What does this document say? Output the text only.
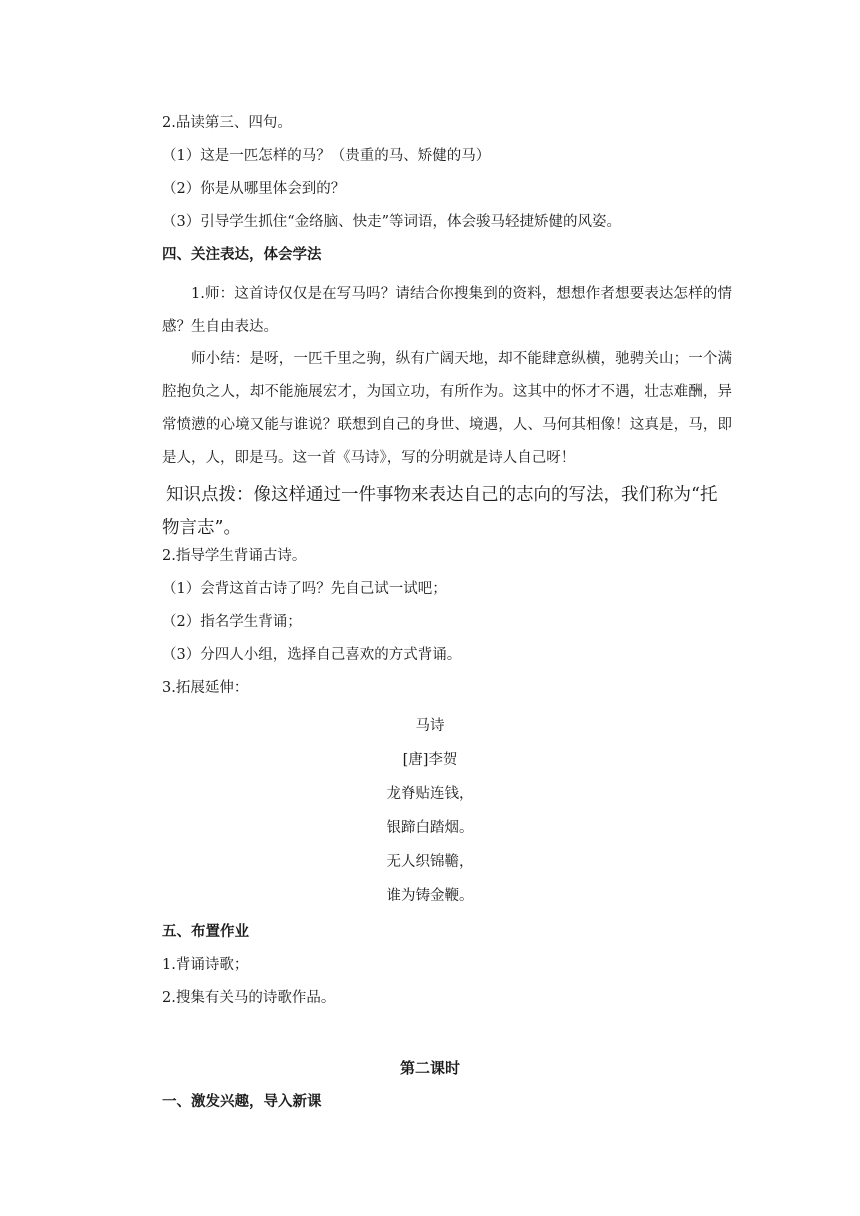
2.品读第三、四句。
（1）这是一匹怎样的马？（贵重的马、矫健的马）
（2）你是从哪里体会到的？
（3）引导学生抓住“金络脑、快走”等词语，体会骏马轻捷矫健的风姿。
四、关注表达，体会学法
1.师：这首诗仅仅是在写马吗？请结合你搜集到的资料，想想作者想要表达怎样的情感？生自由表达。
师小结：是呀，一匹千里之驹，纵有广阔天地，却不能肆意纵横，驰骋关山；一个满腔抱负之人，却不能施展宏才，为国立功，有所作为。这其中的怀才不遇，壮志难酬，异常愤懑的心境又能与谁说？联想到自己的身世、境遇，人、马何其相像！这真是，马，即是人，人，即是马。这一首《马诗》，写的分明就是诗人自己呀！
知识点拨：像这样通过一件事物来表达自己的志向的写法，我们称为“托物言志”。
2.指导学生背诵古诗。
（1）会背这首古诗了吗？先自己试一试吧；
（2）指名学生背诵；
（3）分四人小组，选择自己喜欢的方式背诵。
3.拓展延伸：
马诗
[唐]李贺
龙脊贴连钱，
银蹄白踏烟。
无人织锦韂，
谁为铸金鞭。
五、布置作业
1.背诵诗歌；
2.搜集有关马的诗歌作品。
第二课时
一、激发兴趣，导入新课
